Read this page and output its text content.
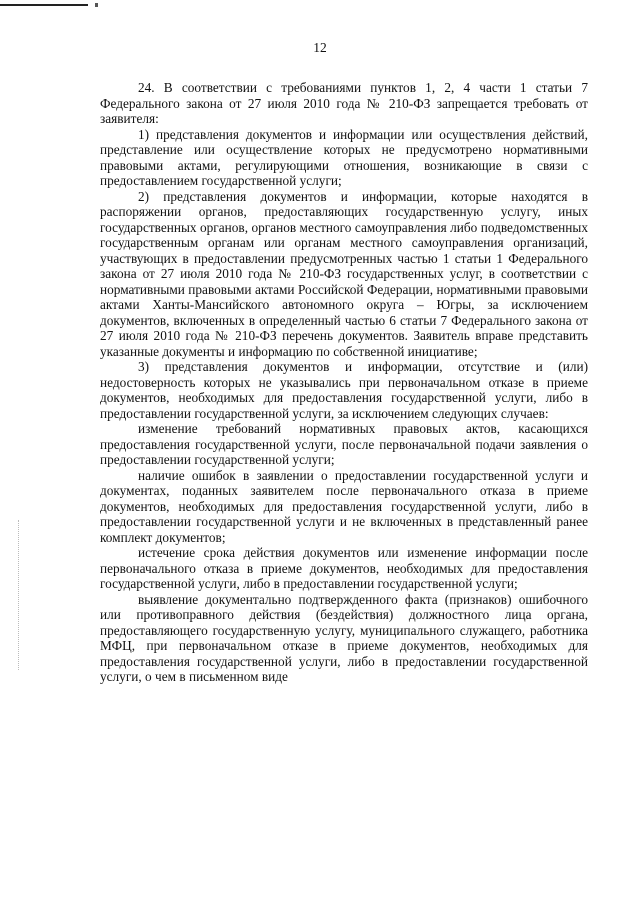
12

24. В соответствии с требованиями пунктов 1, 2, 4 части 1 статьи 7 Федерального закона от 27 июля 2010 года № 210-ФЗ запрещается требовать от заявителя:

1) представления документов и информации или осуществления действий, представление или осуществление которых не предусмотрено нормативными правовыми актами, регулирующими отношения, возникающие в связи с предоставлением государственной услуги;

2) представления документов и информации, которые находятся в распоряжении органов, предоставляющих государственную услугу, иных государственных органов, органов местного самоуправления либо подведомственных государственным органам или органам местного самоуправления организаций, участвующих в предоставлении предусмотренных частью 1 статьи 1 Федерального закона от 27 июля 2010 года № 210-ФЗ государственных услуг, в соответствии с нормативными правовыми актами Российской Федерации, нормативными правовыми актами Ханты-Мансийского автономного округа – Югры, за исключением документов, включенных в определенный частью 6 статьи 7 Федерального закона от 27 июля 2010 года № 210-ФЗ перечень документов. Заявитель вправе представить указанные документы и информацию по собственной инициативе;

3) представления документов и информации, отсутствие и (или) недостоверность которых не указывались при первоначальном отказе в приеме документов, необходимых для предоставления государственной услуги, либо в предоставлении государственной услуги, за исключением следующих случаев:

изменение требований нормативных правовых актов, касающихся предоставления государственной услуги, после первоначальной подачи заявления о предоставлении государственной услуги;

наличие ошибок в заявлении о предоставлении государственной услуги и документах, поданных заявителем после первоначального отказа в приеме документов, необходимых для предоставления государственной услуги, либо в предоставлении государственной услуги и не включенных в представленный ранее комплект документов;

истечение срока действия документов или изменение информации после первоначального отказа в приеме документов, необходимых для предоставления государственной услуги, либо в предоставлении государственной услуги;

выявление документально подтвержденного факта (признаков) ошибочного или противоправного действия (бездействия) должностного лица органа, предоставляющего государственную услугу, муниципального служащего, работника МФЦ, при первоначальном отказе в приеме документов, необходимых для предоставления государственной услуги, либо в предоставлении государственной услуги, о чем в письменном виде
